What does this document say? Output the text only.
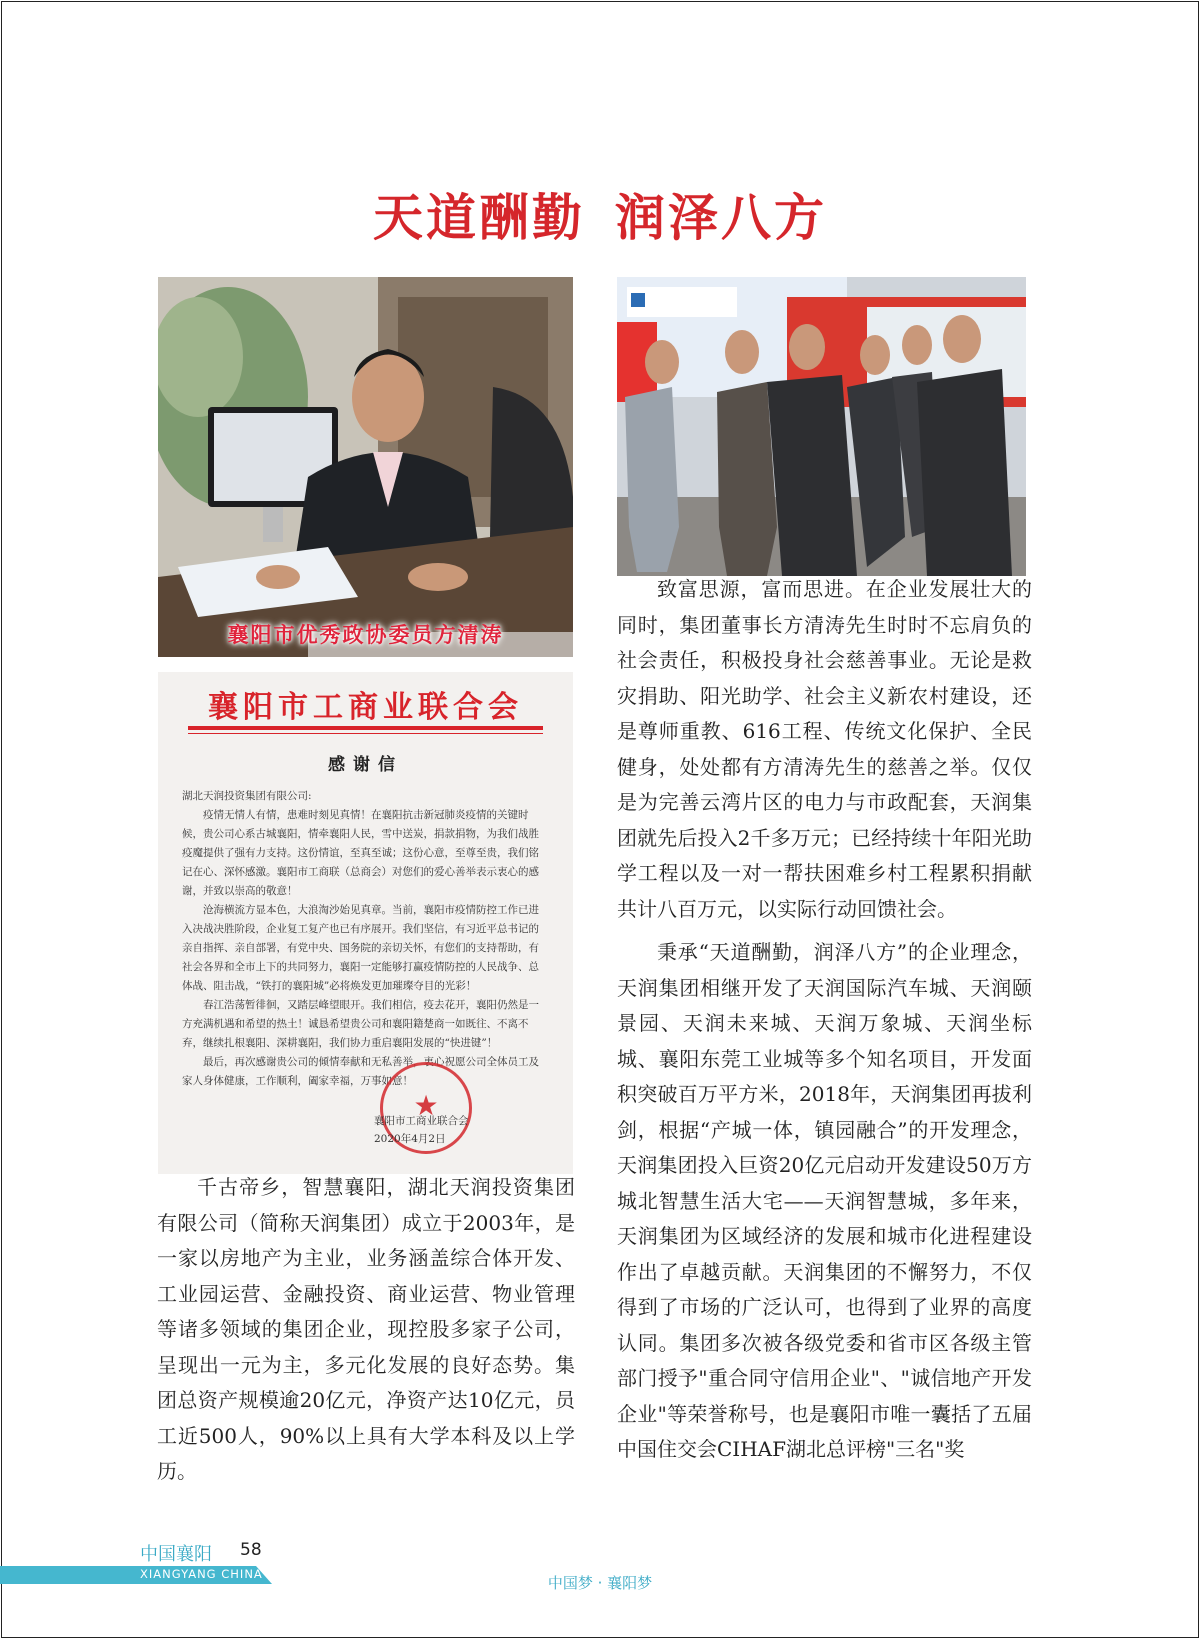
天道酬勤 润泽八方
襄阳市优秀政协委员方清涛
襄阳市工商业联合会
感谢信

湖北天润投资集团有限公司:

疫情无情人有情，患难时刻见真情！在襄阳抗击新冠肺炎疫情的关键时候，贵公司心系古城襄阳，情牵襄阳人民，雪中送炭，捐款捐物，为我们战胜疫魔提供了强有力支持。这份情谊，至真至诚；这份心意，至尊至贵，我们铭记在心、深怀感激。襄阳市工商联（总商会）对您们的爱心善举表示衷心的感谢，并致以崇高的敬意！

沧海横流方显本色，大浪淘沙始见真章。当前，襄阳市疫情防控工作已进入决战决胜阶段，企业复工复产也已有序展开。我们坚信，有习近平总书记的亲自指挥、亲自部署，有党中央、国务院的亲切关怀，有您们的支持帮助，有社会各界和全市上下的共同努力，襄阳一定能够打赢疫情防控的人民战争、总体战、阻击战，“铁打的襄阳城”必将焕发更加璀璨夺目的光彩！

春江浩荡暂徘徊，又踏层峰望眼开。我们相信，疫去花开，襄阳仍然是一方充满机遇和希望的热土！诚恳希望贵公司和襄阳籍楚商一如既往、不离不弃，继续扎根襄阳、深耕襄阳，我们协力重启襄阳发展的“快进键”！

最后，再次感谢贵公司的倾情奉献和无私善举，衷心祝愿公司全体员工及家人身体健康，工作顺利，阖家幸福，万事如意！

★
襄阳市工商业联合会
2020年4月2日

千古帝乡，智慧襄阳，湖北天润投资集团有限公司（简称天润集团）成立于2003年，是一家以房地产为主业，业务涵盖综合体开发、工业园运营、金融投资、商业运营、物业管理等诸多领域的集团企业，现控股多家子公司，呈现出一元为主，多元化发展的良好态势。集团总资产规模逾20亿元，净资产达10亿元，员工近500人，90%以上具有大学本科及以上学历。

致富思源，富而思进。在企业发展壮大的同时，集团董事长方清涛先生时时不忘肩负的社会责任，积极投身社会慈善事业。无论是救灾捐助、阳光助学、社会主义新农村建设，还是尊师重教、616工程、传统文化保护、全民健身，处处都有方清涛先生的慈善之举。仅仅是为完善云湾片区的电力与市政配套，天润集团就先后投入2千多万元；已经持续十年阳光助学工程以及一对一帮扶困难乡村工程累积捐献共计八百万元，以实际行动回馈社会。

秉承“天道酬勤，润泽八方”的企业理念，天润集团相继开发了天润国际汽车城、天润颐景园、天润未来城、天润万象城、天润坐标城、襄阳东莞工业城等多个知名项目，开发面积突破百万平方米，2018年，天润集团再拔利剑，根据“产城一体，镇园融合”的开发理念，天润集团投入巨资20亿元启动开发建设50万方城北智慧生活大宅——天润智慧城，多年来，天润集团为区域经济的发展和城市化进程建设作出了卓越贡献。天润集团的不懈努力，不仅得到了市场的广泛认可，也得到了业界的高度认同。集团多次被各级党委和省市区各级主管部门授予"重合同守信用企业"、"诚信地产开发企业"等荣誉称号，也是襄阳市唯一囊括了五届中国住交会CIHAF湖北总评榜"三名"奖

中国襄阳 58
XIANGYANG CHINA	中国梦 · 襄阳梦
